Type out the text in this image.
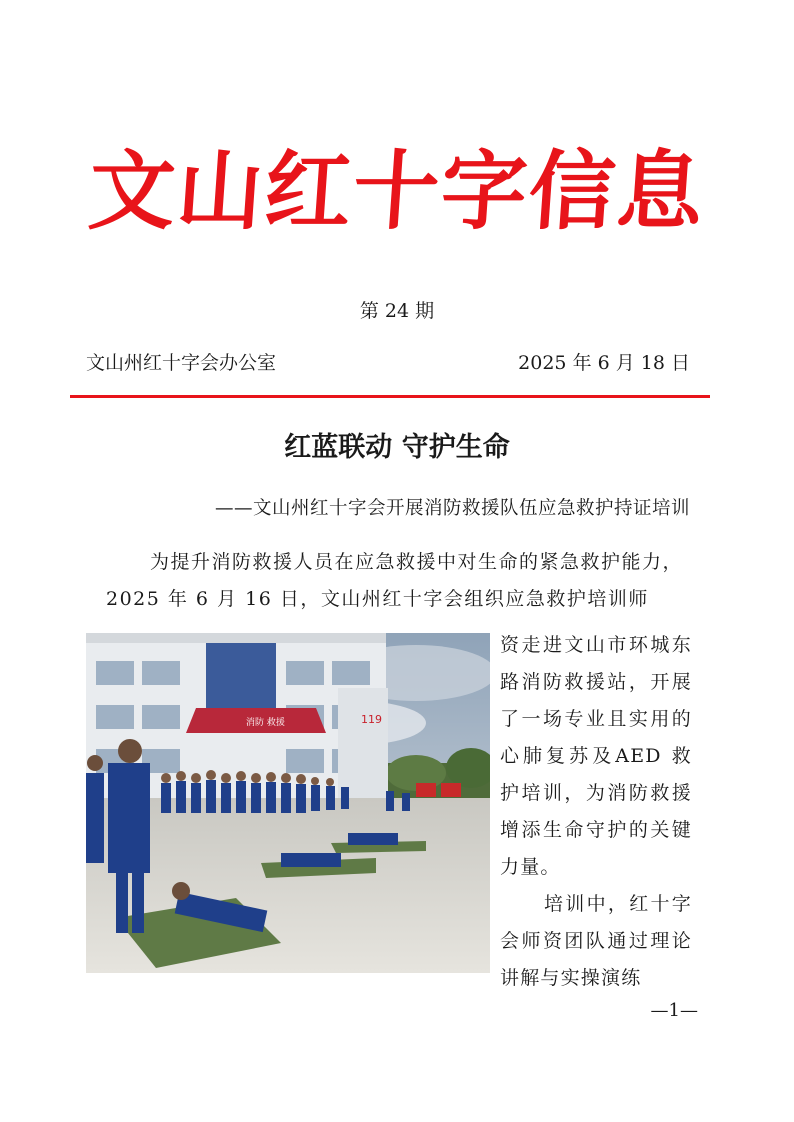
文山红十字信息
第 24 期
文山州红十字会办公室	2025 年 6 月 18 日
红蓝联动 守护生命
——文山州红十字会开展消防救援队伍应急救护持证培训

为提升消防救援人员在应急救援中对生命的紧急救护能力，2025 年 6 月 16 日，文山州红十字会组织应急救护培训师

消防 救援	119

资走进文山市环城东路消防救援站，开展了一场专业且实用的心肺复苏及AED 救护培训，为消防救援增添生命守护的关键力量。

培训中，红十字会师资团队通过理论讲解与实操演练

—1—
